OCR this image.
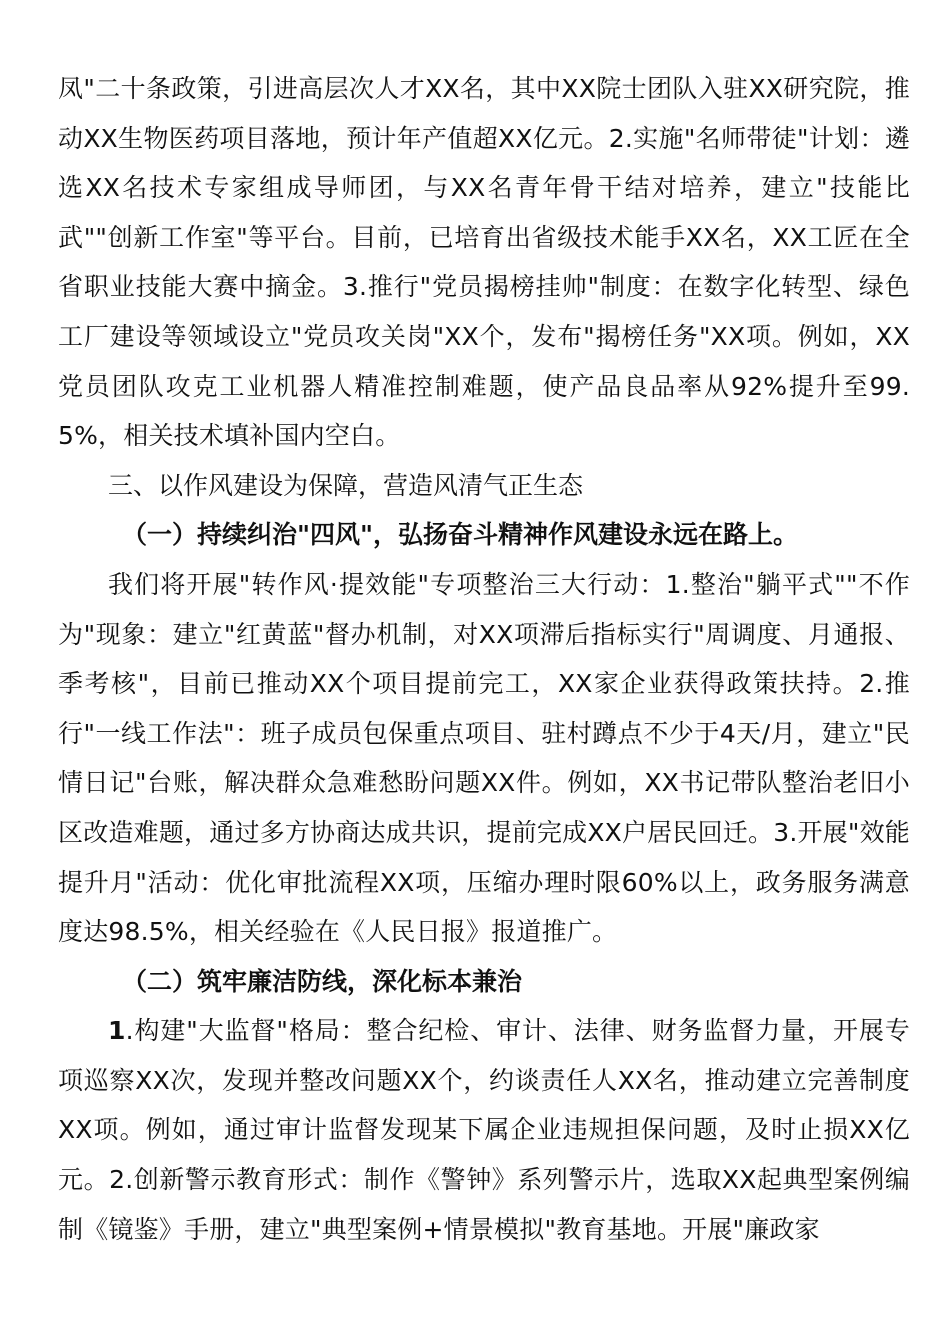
凤"二十条政策，引进高层次人才XX名，其中XX院士团队入驻XX研究院，推动XX生物医药项目落地，预计年产值超XX亿元。2.实施"名师带徒"计划：遴选XX名技术专家组成导师团，与XX名青年骨干结对培养，建立"技能比武""创新工作室"等平台。目前，已培育出省级技术能手XX名，XX工匠在全省职业技能大赛中摘金。3.推行"党员揭榜挂帅"制度：在数字化转型、绿色工厂建设等领域设立"党员攻关岗"XX个，发布"揭榜任务"XX项。例如，XX党员团队攻克工业机器人精准控制难题，使产品良品率从92%提升至99.5%，相关技术填补国内空白。

三、以作风建设为保障，营造风清气正生态

（一）持续纠治"四风"，弘扬奋斗精神作风建设永远在路上。

我们将开展"转作风·提效能"专项整治三大行动：1.整治"躺平式""不作为"现象：建立"红黄蓝"督办机制，对XX项滞后指标实行"周调度、月通报、季考核"，目前已推动XX个项目提前完工，XX家企业获得政策扶持。2.推行"一线工作法"：班子成员包保重点项目、驻村蹲点不少于4天/月，建立"民情日记"台账，解决群众急难愁盼问题XX件。例如，XX书记带队整治老旧小区改造难题，通过多方协商达成共识，提前完成XX户居民回迁。3.开展"效能提升月"活动：优化审批流程XX项，压缩办理时限60%以上，政务服务满意度达98.5%，相关经验在《人民日报》报道推广。

（二）筑牢廉洁防线，深化标本兼治

1.构建"大监督"格局：整合纪检、审计、法律、财务监督力量，开展专项巡察XX次，发现并整改问题XX个，约谈责任人XX名，推动建立完善制度XX项。例如，通过审计监督发现某下属企业违规担保问题，及时止损XX亿元。2.创新警示教育形式：制作《警钟》系列警示片，选取XX起典型案例编制《镜鉴》手册，建立"典型案例+情景模拟"教育基地。开展"廉政家
